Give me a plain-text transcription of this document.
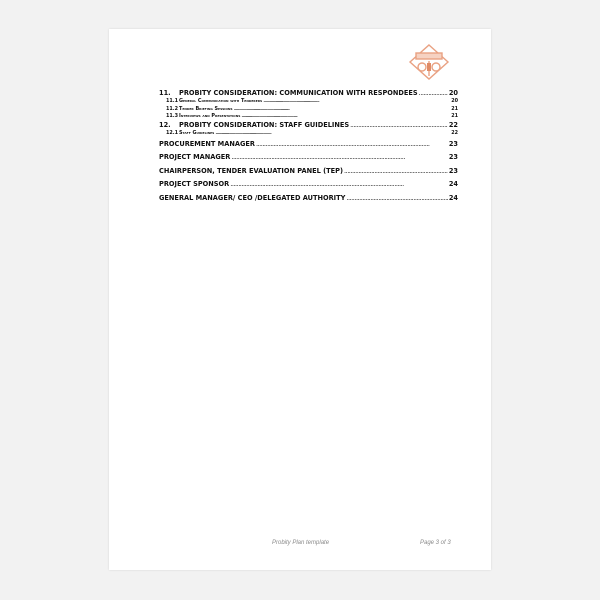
11.	PROBITY CONSIDERATION: COMMUNICATION WITH RESPONDEES . . .	20
11.1 General Communication with Tenderers . . .	20
11.2 Tender Briefing Sessions . . .	21
11.3 Interviews and Presentations . . .	21
12.	PROBITY CONSIDERATION: STAFF GUIDELINES . . .	22
12.1 Staff Guidelines . . .	22
PROCUREMENT MANAGER . . .	23
PROJECT MANAGER . . .	23
CHAIRPERSON, TENDER EVALUATION PANEL (TEP) . . .	23
PROJECT SPONSOR . . .	24
GENERAL MANAGER/ CEO /DELEGATED AUTHORITY . . .	24
Probity Plan template	Page 3 of 3
